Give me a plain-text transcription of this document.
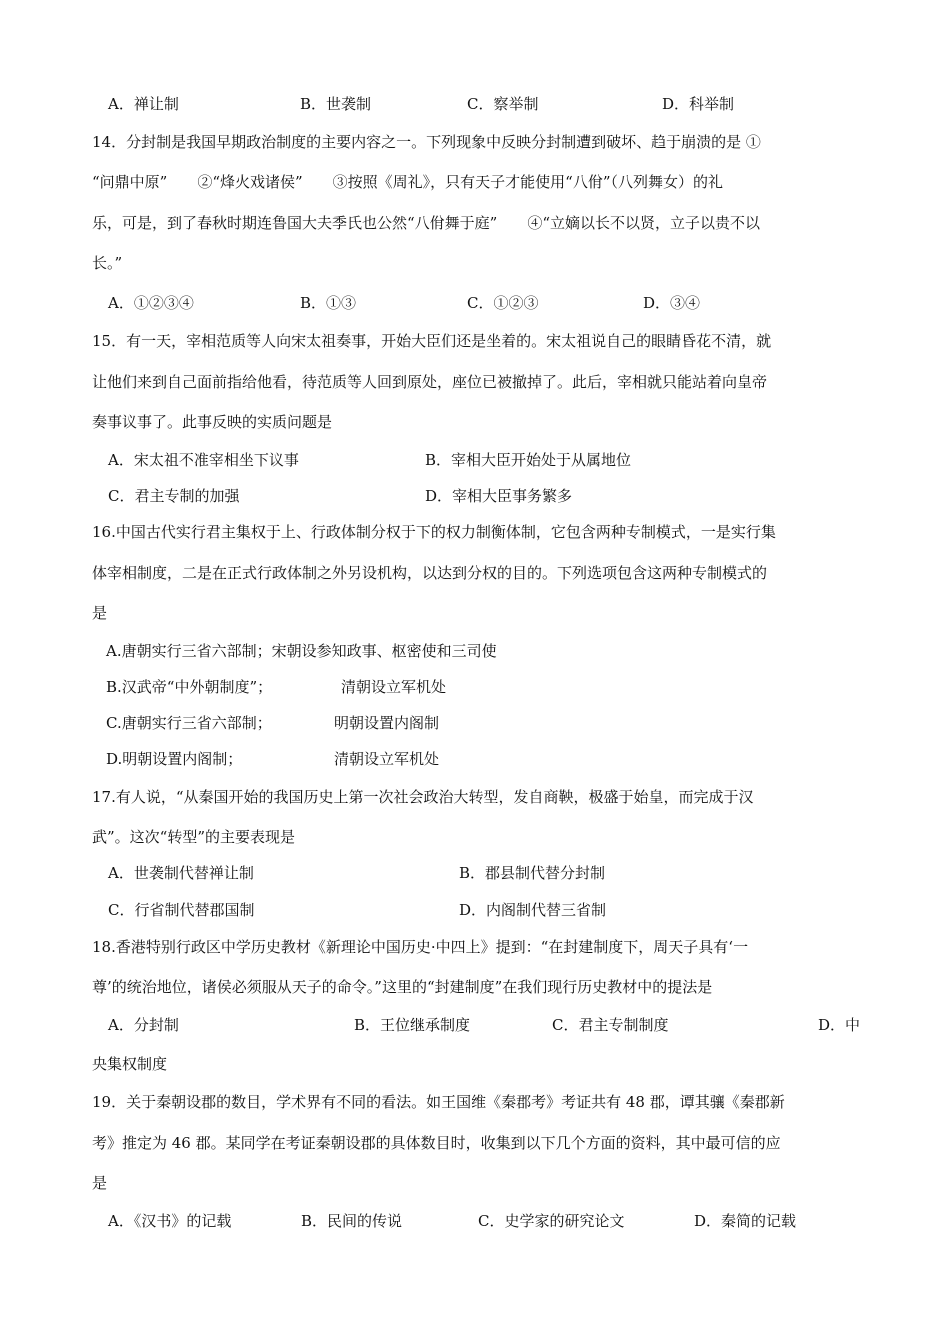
A．禅让制	B．世袭制	C．察举制	D．科举制
14．分封制是我国早期政治制度的主要内容之一。下列现象中反映分封制遭到破坏、趋于崩溃的是 ①
“问鼎中原”　　②“烽火戏诸侯”　　③按照《周礼》，只有天子才能使用“八佾”（八列舞女）的礼
乐，可是，到了春秋时期连鲁国大夫季氏也公然“八佾舞于庭”　　④“立嫡以长不以贤，立子以贵不以
长。”
A．①②③④	B．①③	C．①②③	D．③④
15．有一天，宰相范质等人向宋太祖奏事，开始大臣们还是坐着的。宋太祖说自己的眼睛昏花不清，就
让他们来到自己面前指给他看，待范质等人回到原处，座位已被撤掉了。此后，宰相就只能站着向皇帝
奏事议事了。此事反映的实质问题是
A．宋太祖不准宰相坐下议事	B．宰相大臣开始处于从属地位
C．君主专制的加强	D．宰相大臣事务繁多
16.中国古代实行君主集权于上、行政体制分权于下的权力制衡体制，它包含两种专制模式，一是实行集
体宰相制度，二是在正式行政体制之外另设机构，以达到分权的目的。下列选项包含这两种专制模式的
是
A.唐朝实行三省六部制；宋朝设参知政事、枢密使和三司使
B.汉武帝“中外朝制度”；	清朝设立军机处
C.唐朝实行三省六部制；	明朝设置内阁制
D.明朝设置内阁制；	清朝设立军机处
17.有人说，“从秦国开始的我国历史上第一次社会政治大转型，发自商鞅，极盛于始皇，而完成于汉
武”。这次“转型”的主要表现是
A．世袭制代替禅让制	B．郡县制代替分封制
C．行省制代替郡国制	D．内阁制代替三省制
18.香港特别行政区中学历史教材《新理论中国历史·中四上》提到：“在封建制度下，周天子具有‘一
尊’的统治地位，诸侯必须服从天子的命令。”这里的“封建制度”在我们现行历史教材中的提法是
A．分封制	B．王位继承制度	C．君主专制制度	D．中
央集权制度
19．关于秦朝设郡的数目，学术界有不同的看法。如王国维《秦郡考》考证共有 48 郡，谭其骧《秦郡新
考》推定为 46 郡。某同学在考证秦朝设郡的具体数目时，收集到以下几个方面的资料，其中最可信的应
是
A．《汉书》的记载	B．民间的传说	C．史学家的研究论文	D．秦简的记载
